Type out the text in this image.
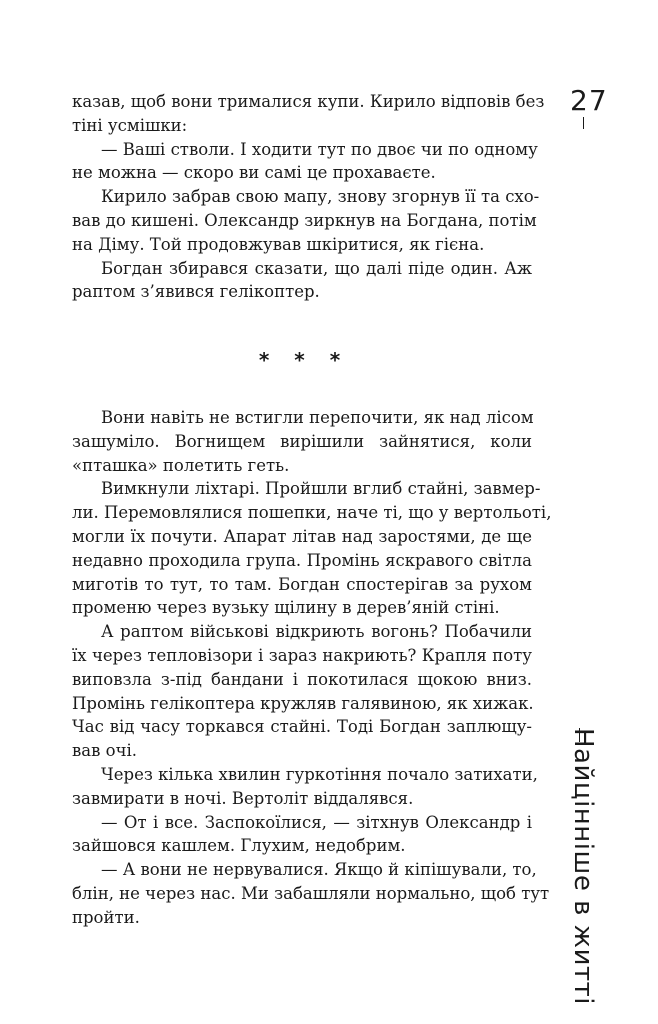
27
казав, щоб вони трималися купи. Кирило відповів без
тіні усмішки:
— Ваші стволи. І ходити тут по двоє чи по одному
не можна — скоро ви самі це прохаваєте.
Кирило забрав свою мапу, знову згорнув її та схо-
вав до кишені. Олександр зиркнув на Богдана, потім
на Діму. Той продовжував шкіритися, як гієна.
Богдан збирався сказати, що далі піде один. Аж
раптом з’явився гелікоптер.
* * *
Вони навіть не встигли перепочити, як над лісом
зашуміло. Вогнищем вирішили зайнятися, коли
«пташка» полетить геть.
Вимкнули ліхтарі. Пройшли вглиб стайні, завмер-
ли. Перемовлялися пошепки, наче ті, що у вертольоті,
могли їх почути. Апарат літав над заростями, де ще
недавно проходила група. Промінь яскравого світла
миготів то тут, то там. Богдан спостерігав за рухом
променю через вузьку щілину в дерев’яній стіні.
А раптом військові відкриють вогонь? Побачили
їх через тепловізори і зараз накриють? Крапля поту
виповзла з-під бандани і покотилася щокою вниз.
Промінь гелікоптера кружляв галявиною, як хижак.
Час від часу торкався стайні. Тоді Богдан заплющу-
вав очі.
Через кілька хвилин гуркотіння почало затихати,
завмирати в ночі. Вертоліт віддалявся.
— От і все. Заспокоїлися, — зітхнув Олександр і
зайшовся кашлем. Глухим, недобрим.
— А вони не нервувалися. Якщо й кіпішували, то,
блін, не через нас. Ми забашляли нормально, щоб тут
пройти.	Найцінніше в житті
